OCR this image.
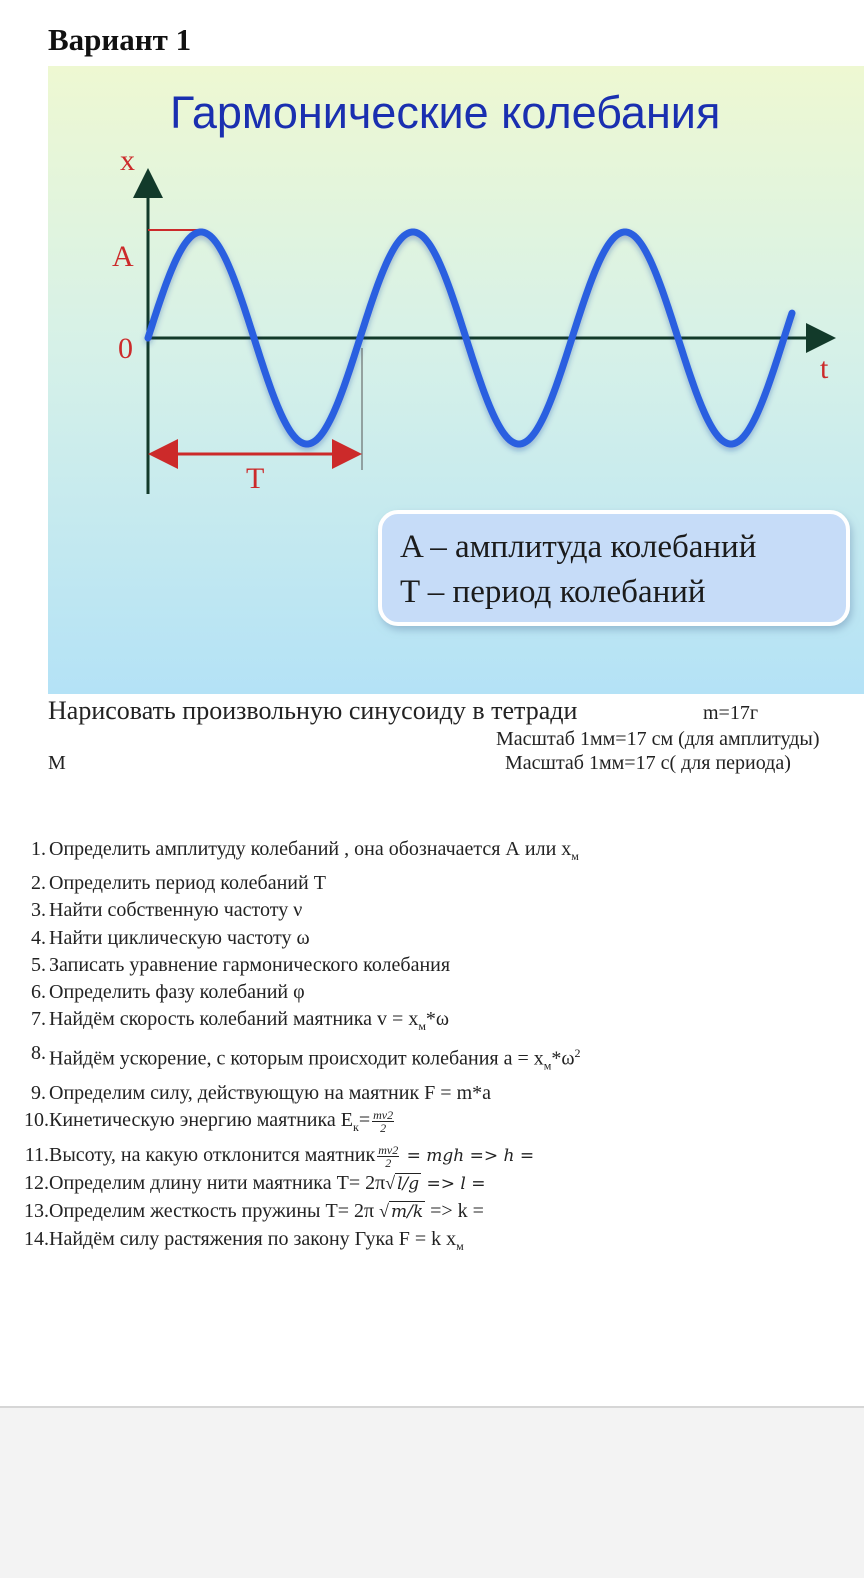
Вариант 1
Гармонические колебания
x
t
A
0
T
A – амплитуда колебаний
T – период колебаний
Нарисовать произвольную синусоиду в тетради	m=17г
Масштаб 1мм=17 см (для амплитуды)
М	Масштаб 1мм=17 с( для периода)
1. Определить амплитуду колебаний , она обозначается А или $x_м$
2. Определить период колебаний Т
3. Найти собственную частоту ν
4. Найти циклическую частоту ω
5. Записать уравнение гармонического колебания
6. Определить фазу колебаний φ
7. Найдём скорость колебаний маятника $v = x_м*\omega$
8. Найдём ускорение, с которым происходит колебания $a = x_м*\omega^2$
9. Определим силу, действующую на маятник F = m*a
10. Кинетическую энергию маятника $E_к= \frac{mv2}{2}$
11. Высоту, на какую отклонится маятник $\frac{mv2}{2}$ = mgh => h =
12. Определим длину нити маятника Т= 2π√ l/g => l =
13. Определим жесткость пружины Т= 2π √ m/k => k =
14. Найдём силу растяжения по закону Гука F = k $x_м$
